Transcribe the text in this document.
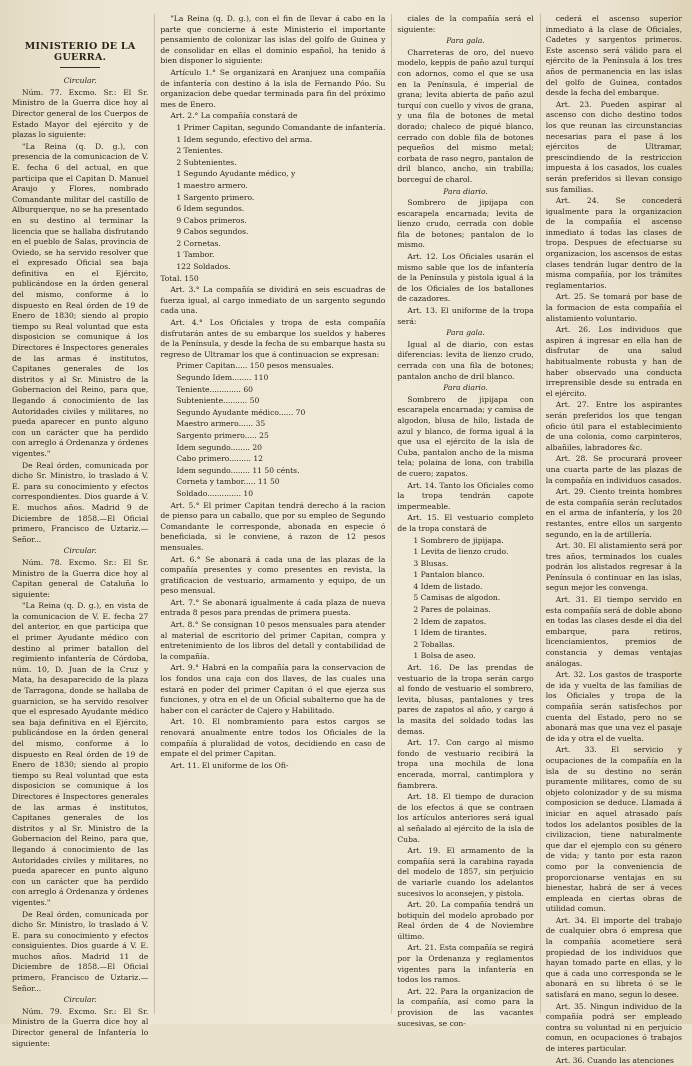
MINISTERIO DE LA GUERRA.

Circular.

Núm. 77. Excmo. Sr.: El Sr. Ministro de la Guerra dice hoy al Director general de los Cuerpos de Estado Mayor del ejército y de plazas lo siguiente:

"La Reina (q. D. g.), con presencia de la comunicacion de V. E. fecha 6 del actual, en que participa que el Capitan D. Manuel Araujo y Flores, nombrado Comandante militar del castillo de Alburquerque, no se ha presentado en su destino al terminar la licencia que se hallaba disfrutando en el pueblo de Salas, provincia de Oviedo, se ha servido resolver que el expresado Oficial sea baja definitiva en el Ejército, publicándose en la órden general del mismo, conforme á lo dispuesto en Real órden de 19 de Enero de 1830; siendo al propio tiempo su Real voluntad que esta disposicion se comunique á los Directores é Inspectores generales de las armas é institutos, Capitanes generales de los distritos y al Sr. Ministro de la Gobernacion del Reino, para que, llegando á conocimiento de las Autoridades civiles y militares, no pueda aparecer en punto alguno con un carácter que ha perdido con arreglo á Ordenanza y órdenes vigentes."

De Real órden, comunicada por dicho Sr. Ministro, lo traslado á V. E. para su conocimiento y efectos correspondientes. Dios guarde á V. E. muchos años. Madrid 9 de Diciembre de 1858.—El Oficial primero, Francisco de Uztariz.—Señor...

Circular.

Núm. 78. Excmo. Sr.: El Sr. Ministro de la Guerra dice hoy al Capitan general de Cataluña lo siguiente:

"La Reina (q. D. g.), en vista de la comunicacion de V. E. fecha 27 del anterior, en que participa que el primer Ayudante médico con destino al primer batallon del regimiento infantería de Córdoba, núm. 10, D. Juan de la Cruz y Mata, ha desaparecido de la plaza de Tarragona, donde se hallaba de guarnicion, se ha servido resolver que el espresado Ayudante médico sea baja definitiva en el Ejército, publicándose en la órden general del mismo, conforme á lo dispuesto en Real órden de 19 de Enero de 1830; siendo al propio tiempo su Real voluntad que esta disposicion se comunique á los Directores é Inspectores generales de las armas é institutos, Capitanes generales de los distritos y al Sr. Ministro de la Gobernacion del Reino, para que, llegando á conocimiento de las Autoridades civiles y militares, no pueda aparecer en punto alguno con un carácter que ha perdido con arreglo á Ordenanza y órdenes vigentes."

De Real órden, comunicada por dicho Sr. Ministro, lo traslado á V. E. para su conocimiento y efectos consiguientes. Dios guarde á V. E. muchos años. Madrid 11 de Diciembre de 1858.—El Oficial primero, Francisco de Uztariz.—Señor...

Circular.

Núm. 79. Excmo. Sr.: El Sr. Ministro de la Guerra dice hoy al Director general de Infantería lo siguiente:

"La Reina (q. D. g.), con el fin de llevar á cabo en la parte que concierne á este Ministerio el importante pensamiento de colonizar las islas del golfo de Guinea y de consolidar en ellas el dominio español, ha tenido á bien disponer lo siguiente:

Artículo 1.° Se organizará en Aranjuez una compañía de infantería con destino á la isla de Fernando Póo. Su organizacion debe quedar terminada para fin del próximo mes de Enero.

Art. 2.° La compañía constará de

1 Primer Capitan, segundo Comandante de infantería.

1 Idem segundo, efectivo del arma.

2 Tenientes.

2 Subtenientes.

1 Segundo Ayudante médico, y

1 maestro armero.

1 Sargento primero.

6 Idem segundos.

9 Cabos primeros.

9 Cabos segundos.

2 Cornetas.

1 Tambor.

122 Soldados.

Total. 150

Art. 3.° La compañía se dividirá en seis escuadras de fuerza igual, al cargo inmediato de un sargento segundo cada una.

Art. 4.° Los Oficiales y tropa de esta compañía disfrutarán antes de su embarque los sueldos y haberes de la Península, y desde la fecha de su embarque hasta su regreso de Ultramar los que á continuacion se expresan:

Primer Capitan..... 150 pesos mensuales.

Segundo Idem........ 110

Teniente............. 60

Subteniente.......... 50

Segundo Ayudante médico...... 70

Maestro armero...... 35

Sargento primero..... 25

Idem segundo........ 20

Cabo primero......... 12

Idem segundo........ 11 50 cénts.

Corneta y tambor..... 11 50

Soldado.............. 10

Art. 5.° El primer Capitan tendrá derecho á la racion de pienso para un caballo, que por su empleo de Segundo Comandante le corresponde, abonada en especie ó beneficiada, si le conviene, á razon de 12 pesos mensuales.

Art. 6.° Se abonará á cada una de las plazas de la compañía presentes y como presentes en revista, la gratificacion de vestuario, armamento y equipo, de un peso mensual.

Art. 7.° Se abonará igualmente á cada plaza de nueva entrada 8 pesos para prendas de primera puesta.

Art. 8.° Se consignan 10 pesos mensuales para atender al material de escritorio del primer Capitan, compra y entretenimiento de los libros del detall y contabilidad de la compañía.

Art. 9.° Habrá en la compañía para la conservacion de los fondos una caja con dos llaves, de las cuales una estará en poder del primer Capitan ó el que ejerza sus funciones, y otra en el de un Oficial subalterno que ha de haber con el carácter de Cajero y Habilitado.

Art. 10. El nombramiento para estos cargos se renovará anualmente entre todos los Oficiales de la compañía á pluralidad de votos, decidiendo en caso de empate el del primer Capitan.

Art. 11. El uniforme de los Ofi-

ciales de la compañía será el siguiente:

Para gala.

Charreteras de oro, del nuevo modelo, keppis de paño azul turquí con adornos, como el que se usa en la Península, é imperial de grana; levita abierta de paño azul turquí con cuello y vivos de grana, y una fila de botones de metal dorado; chaleco de piqué blanco, cerrado con doble fila de botones pequeños del mismo metal; corbata de raso negro, pantalon de dril blanco, ancho, sin trabilla; borceguí de charol.

Para diario.

Sombrero de jipijapa con escarapela encarnada; levita de lienzo crudo, cerrada con doble fila de botones; pantalon de lo mismo.

Art. 12. Los Oficiales usarán el mismo sable que los de infantería de la Península y pistola igual á la de los Oficiales de los batallones de cazadores.

Art. 13. El uniforme de la tropa será:

Para gala.

Igual al de diario, con estas diferencias: levita de lienzo crudo, cerrada con una fila de botones; pantalon ancho de dril blanco.

Para diario.

Sombrero de jipijapa con escarapela encarnada; y camisa de algodon, blusa de hilo, listada de azul y blanco, de forma igual á la que usa el ejército de la isla de Cuba, pantalon ancho de la misma tela; polaina de lona, con trabilla de cuero; zapatos.

Art. 14. Tanto los Oficiales como la tropa tendrán capote impermeable.

Art. 15. El vestuario completo de la tropa constará de

1 Sombrero de jipijapa.

1 Levita de lienzo crudo.

3 Blusas.

1 Pantalon blanco.

4 Idem de listado.

5 Camisas de algodon.

2 Pares de polainas.

2 Idem de zapatos.

1 Idem de tirantes.

2 Toballas.

1 Bolsa de aseo.

Art. 16. De las prendas de vestuario de la tropa serán cargo al fondo de vestuario el sombrero, levita, blusas, pantalones y tres pares de zapatos al año, y cargo á la masita del soldado todas las demas.

Art. 17. Con cargo al mismo fondo de vestuario recibirá la tropa una mochila de lona encerada, morral, cantimplora y fiambrera.

Art. 18. El tiempo de duracion de los efectos á que se contraen los artículos anteriores será igual al señalado al ejército de la isla de Cuba.

Art. 19. El armamento de la compañía será la carabina rayada del modelo de 1857, sin perjuicio de variarle cuando los adelantos sucesivos lo aconsejen, y pistola.

Art. 20. La compañía tendrá un botiquín del modelo aprobado por Real órden de 4 de Noviembre último.

Art. 21. Esta compañía se regirá por la Ordenanza y reglamentos vigentes para la infantería en todos los ramos.

Art. 22. Para la organizacion de la compañía, así como para la provision de las vacantes sucesivas, se con-

cederá el ascenso superior inmediato á la clase de Oficiales, Cadetes y sargentos primeros. Este ascenso será válido para el ejército de la Península á los tres años de permanencia en las islas del golfo de Guinea, contados desde la fecha del embarque.

Art. 23. Pueden aspirar al ascenso con dicho destino todos los que reunan las circunstancias necesarias para el pase á los ejércitos de Ultramar, prescindiendo de la restriccion impuesta á los casados, los cuales serán preferidos si llevan consigo sus familias.

Art. 24. Se concederá igualmente para la organizacion de la compañía el ascenso inmediato á todas las clases de tropa. Despues de efectuarse su organizacion, los ascensos de estas clases tendrán lugar dentro de la misma compañía, por los trámites reglamentarios.

Art. 25. Se tomará por base de la formacion de esta compañía el alistamiento voluntario.

Art. 26. Los individuos que aspiren á ingresar en ella han de disfrutar de una salud habitualmente robusta y han de haber observado una conducta irreprensible desde su entrada en el ejército.

Art. 27. Entre los aspirantes serán preferidos los que tengan oficio útil para el establecimiento de una colonia, como carpinteros, albañiles, labradores &c.

Art. 28. Se procurará proveer una cuarta parte de las plazas de la compañía en individuos casados.

Art. 29. Ciento treinta hombres de esta compañía serán reclutados en el arma de infantería, y los 20 restantes, entre ellos un sargento segundo, en la de artillería.

Art. 30. El alistamiento será por tres años, terminados los cuales podrán los alistados regresar á la Península ó continuar en las islas, segun mejor les convenga.

Art. 31. El tiempo servido en esta compañía será de doble abono en todas las clases desde el dia del embarque, para retiros, licenciamientos, premios de constancia y demas ventajas análogas.

Art. 32. Los gastos de trasporte de ida y vuelta de las familias de los Oficiales y tropa de la compañía serán satisfechos por cuenta del Estado, pero no se abonará mas que una vez el pasaje de ida y otra el de vuelta.

Art. 33. El servicio y ocupaciones de la compañía en la isla de su destino no serán puramente militares, como de su objeto colonizador y de su misma composicion se deduce. Llamada á iniciar en aquel atrasado país todos los adelantos posibles de la civilizacion, tiene naturalmente que dar el ejemplo con su género de vida; y tanto por esta razon como por la conveniencia de proporcionarse ventajas en su bienestar, habrá de ser á veces empleada en ciertas obras de utilidad comun.

Art. 34. El importe del trabajo de cualquier obra ó empresa que la compañía acometiere será propiedad de los individuos que hayan tomado parte en ellas, y lo que á cada uno corresponda se le abonará en su libreta ó se le satisfará en mano, segun lo desee.

Art. 35. Ningun individuo de la compañía podrá ser empleado contra su voluntad ni en perjuicio comun, en ocupaciones ó trabajos de interes particular.

Art. 36. Cuando las atenciones
